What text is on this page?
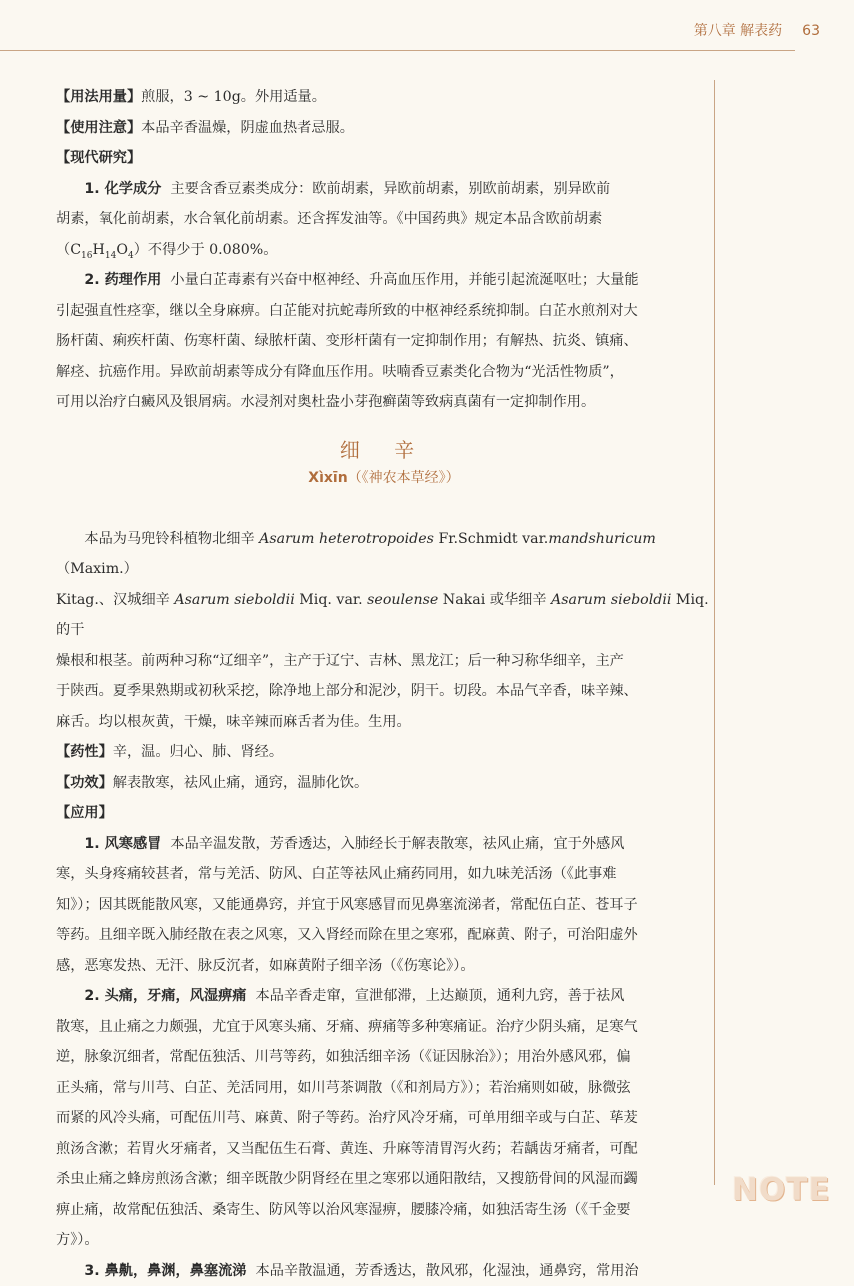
第八章 解表药 63
NOTE

【用法用量】煎服，3 ~ 10g。外用适量。

【使用注意】本品辛香温燥，阴虚血热者忌服。

【现代研究】

1. 化学成分 主要含香豆素类成分：欧前胡素，异欧前胡素，别欧前胡素，别异欧前

胡素，氧化前胡素，水合氧化前胡素。还含挥发油等。《中国药典》规定本品含欧前胡素

$(C_{16}H_{14}O_4)$不得少于 0.080%。

2. 药理作用 小量白芷毒素有兴奋中枢神经、升高血压作用，并能引起流涎呕吐；大量能

引起强直性痉挛，继以全身麻痹。白芷能对抗蛇毒所致的中枢神经系统抑制。白芷水煎剂对大

肠杆菌、痢疾杆菌、伤寒杆菌、绿脓杆菌、变形杆菌有一定抑制作用；有解热、抗炎、镇痛、

解痉、抗癌作用。异欧前胡素等成分有降血压作用。呋喃香豆素类化合物为“光活性物质”，

可用以治疗白癜风及银屑病。水浸剂对奥杜盎小芽孢癣菌等致病真菌有一定抑制作用。

细 辛
Xìxīn（《神农本草经》）

本品为马兜铃科植物北细辛 Asarum heterotropoides Fr.Schmidt var.mandshuricum（Maxim.）

Kitag.、汉城细辛 Asarum sieboldii Miq. var. seoulense Nakai 或华细辛 Asarum sieboldii Miq. 的干

燥根和根茎。前两种习称“辽细辛”，主产于辽宁、吉林、黑龙江；后一种习称华细辛，主产

于陕西。夏季果熟期或初秋采挖，除净地上部分和泥沙，阴干。切段。本品气辛香，味辛辣、

麻舌。均以根灰黄，干燥，味辛辣而麻舌者为佳。生用。

【药性】辛，温。归心、肺、肾经。

【功效】解表散寒，祛风止痛，通窍，温肺化饮。

【应用】

1. 风寒感冒 本品辛温发散，芳香透达，入肺经长于解表散寒，祛风止痛，宜于外感风

寒，头身疼痛较甚者，常与羌活、防风、白芷等祛风止痛药同用，如九味羌活汤（《此事难

知》）；因其既能散风寒，又能通鼻窍，并宜于风寒感冒而见鼻塞流涕者，常配伍白芷、苍耳子

等药。且细辛既入肺经散在表之风寒，又入肾经而除在里之寒邪，配麻黄、附子，可治阳虚外

感，恶寒发热、无汗、脉反沉者，如麻黄附子细辛汤（《伤寒论》）。

2. 头痛，牙痛，风湿痹痛 本品辛香走窜，宣泄郁滞，上达巅顶，通利九窍，善于祛风

散寒，且止痛之力颇强，尤宜于风寒头痛、牙痛、痹痛等多种寒痛证。治疗少阴头痛，足寒气

逆，脉象沉细者，常配伍独活、川芎等药，如独活细辛汤（《证因脉治》）；用治外感风邪，偏

正头痛，常与川芎、白芷、羌活同用，如川芎茶调散（《和剂局方》）；若治痛则如破，脉微弦

而紧的风冷头痛，可配伍川芎、麻黄、附子等药。治疗风冷牙痛，可单用细辛或与白芷、荜茇

煎汤含漱；若胃火牙痛者，又当配伍生石膏、黄连、升麻等清胃泻火药；若龋齿牙痛者，可配

杀虫止痛之蜂房煎汤含漱；细辛既散少阴肾经在里之寒邪以通阳散结，又搜筋骨间的风湿而蠲

痹止痛，故常配伍独活、桑寄生、防风等以治风寒湿痹，腰膝冷痛，如独活寄生汤（《千金要

方》）。

3. 鼻鼽，鼻渊，鼻塞流涕 本品辛散温通，芳香透达，散风邪，化湿浊，通鼻窍，常用治
